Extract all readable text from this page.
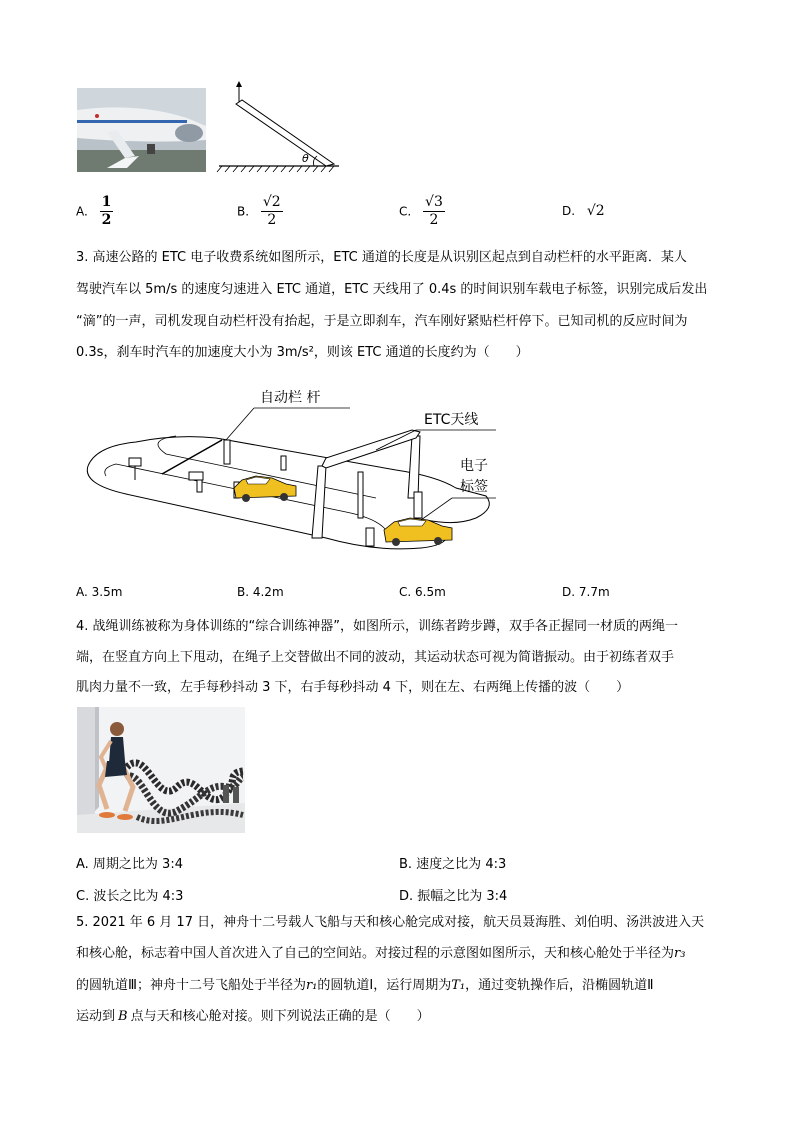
θ
A. $\frac{1}{2}$	B. $\frac{√2}{2}$	C. $\frac{√3}{2}$	D. √2
3. 高速公路的 ETC 电子收费系统如图所示，ETC 通道的长度是从识别区起点到自动栏杆的水平距离．某人
驾驶汽车以 5m/s 的速度匀速进入 ETC 通道，ETC 天线用了 0.4s 的时间识别车载电子标签，识别完成后发出
“滴”的一声，司机发现自动栏杆没有抬起，于是立即刹车，汽车刚好紧贴栏杆停下。已知司机的反应时间为
0.3s，刹车时汽车的加速度大小为 3m/s²，则该 ETC 通道的长度约为（　　）
自动栏 杆
ETC天线
电子
标签
A. 3.5m	B. 4.2m	C. 6.5m	D. 7.7m
4. 战绳训练被称为身体训练的“综合训练神器”，如图所示，训练者跨步蹲，双手各正握同一材质的两绳一
端，在竖直方向上下甩动，在绳子上交替做出不同的波动，其运动状态可视为简谐振动。由于初练者双手
肌肉力量不一致，左手每秒抖动 3 下，右手每秒抖动 4 下，则在左、右两绳上传播的波（　　）
A. 周期之比为 3:4	B. 速度之比为 4:3
C. 波长之比为 4:3	D. 振幅之比为 3:4
5. 2021 年 6 月 17 日，神舟十二号载人飞船与天和核心舱完成对接，航天员聂海胜、刘伯明、汤洪波进入天
和核心舱，标志着中国人首次进入了自己的空间站。对接过程的示意图如图所示，天和核心舱处于半径为r₃
的圆轨道Ⅲ；神舟十二号飞船处于半径为r₁的圆轨道Ⅰ，运行周期为T₁，通过变轨操作后，沿椭圆轨道Ⅱ
运动到 B 点与天和核心舱对接。则下列说法正确的是（　　）
